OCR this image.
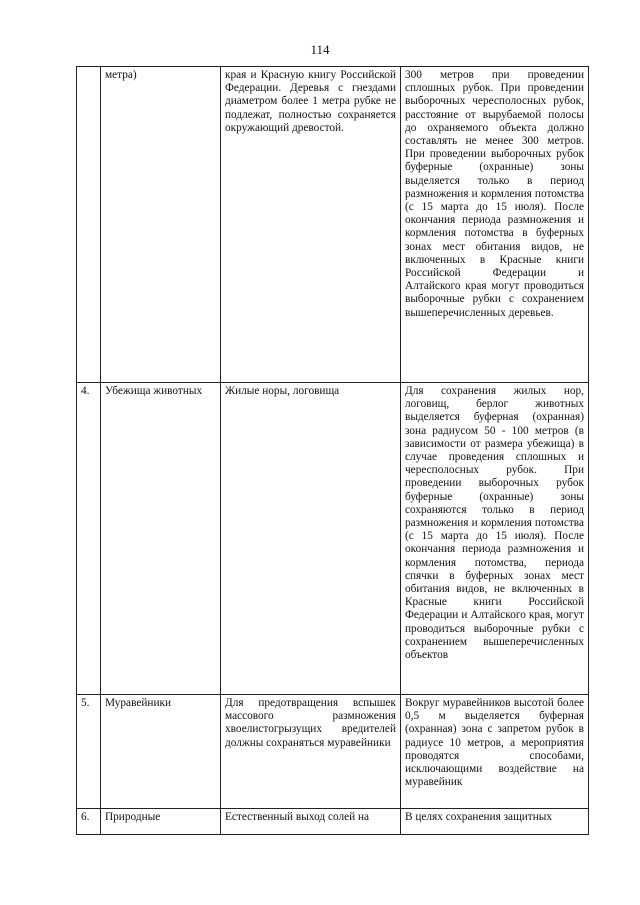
114
	метра)	края и Красную книгу Российской Федерации. Деревья с гнездами диаметром более 1 метра рубке не подлежат, полностью сохраняется окружающий древостой.	300 метров при проведении сплошных рубок. При проведении выборочных чересполосных рубок, расстояние от вырубаемой полосы до охраняемого объекта должно составлять не менее 300 метров. При проведении выборочных рубок буферные (охранные) зоны выделяется только в период размножения и кормления потомства (с 15 марта до 15 июля). После окончания периода размножения и кормления потомства в буферных зонах мест обитания видов, не включенных в Красные книги Российской Федерации и Алтайского края могут проводиться выборочные рубки с сохранением вышеперечисленных деревьев.
4.	Убежища животных	Жилые норы, логовища	Для сохранения жилых нор, логовищ, берлог животных выделяется буферная (охранная) зона радиусом 50 - 100 метров (в зависимости от размера убежища) в случае проведения сплошных и чересполосных рубок. При проведении выборочных рубок буферные (охранные) зоны сохраняются только в период размножения и кормления потомства (с 15 марта до 15 июля). После окончания периода размножения и кормления потомства, периода спячки в буферных зонах мест обитания видов, не включенных в Красные книги Российской Федерации и Алтайского края, могут проводиться выборочные рубки с сохранением вышеперечисленных объектов
5.	Муравейники	Для предотвращения вспышек массового размножения хвоелистогрызущих вредителей должны сохраняться муравейники	Вокруг муравейников высотой более 0,5 м выделяется буферная (охранная) зона с запретом рубок в радиусе 10 метров, а мероприятия проводятся способами, исключающими воздействие на муравейник
6.	Природные	Естественный выход солей на	В целях сохранения защитных
